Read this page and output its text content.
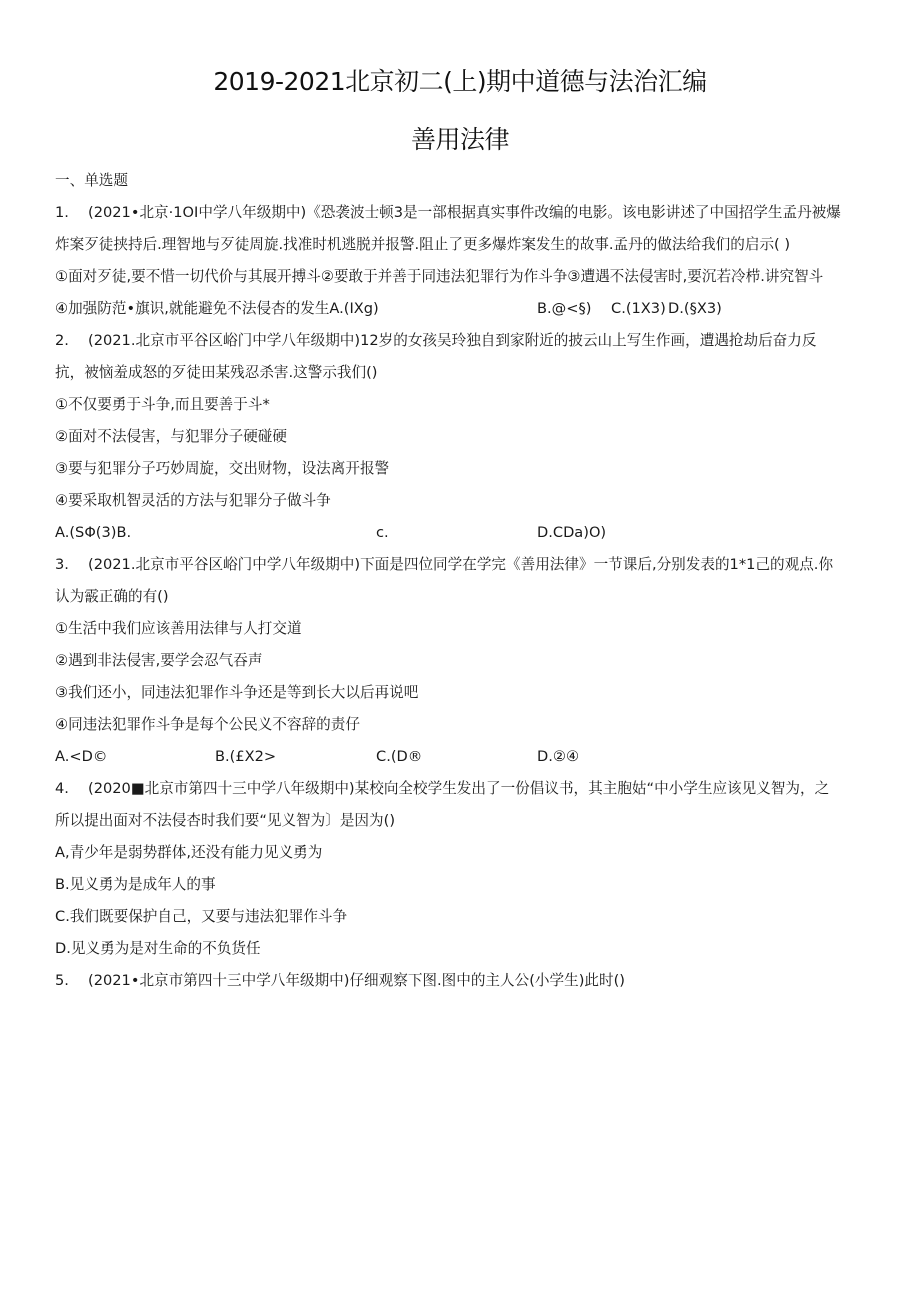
2019-2021北京初二(上)期中道德与法治汇编
善用法律
一、单选题
1. (2021•北京·1OI中学八年级期中)《恐袭波士顿3是一部根据真实事件改编的电影。该电影讲述了中国招学生孟丹被爆
炸案歹徒挟持后.理智地与歹徒周旋.找准时机逃脱并报警.阻止了更多爆炸案发生的故事.孟丹的做法给我们的启示( )
①面对歹徒,要不惜一切代价与其展开搏斗②要敢于并善于同违法犯罪行为作斗争③遭遇不法侵害时,要沉若冷栉.讲究智斗
④加强防范•旗识,就能避免不法侵杏的发生A.(IXg)	B.@<§) C.(1X3) D.(§X3)
2. (2021.北京市平谷区峪门中学八年级期中)12岁的女孩吴玲独自到家附近的披云山上写生作画，遭遇抢劫后奋力反
抗，被恼羞成怒的歹徒田某残忍杀害.这警示我们()
①不仅要勇于斗争,而且要善于斗*
②面对不法侵害，与犯罪分子硬碰硬
③要与犯罪分子巧妙周旋，交出财物，设法离开报警
④要采取机智灵活的方法与犯罪分子做斗争
A.(SΦ(3)B.	c.	D.CDa)O)
3. (2021.北京市平谷区峪门中学八年级期中)下面是四位同学在学完《善用法律》一节课后,分别发表的1*1己的观点.你
认为霰正确的有()
①生活中我们应该善用法律与人打交道
②遇到非法侵害,要学会忍气吞声
③我们还小，同违法犯罪作斗争还是等到长大以后再说吧
④同违法犯罪作斗争是每个公民义不容辞的责仔
A.<D©	B.(£X2>	C.(D®	D.②④
4. (2020■北京市第四十三中学八年级期中)某校向全校学生发出了一份倡议书，其主胞姑“中小学生应该见义智为，之
所以提出面对不法侵杏时我们要“见义智为〕是因为()
A,青少年是弱势群体,还没有能力见义勇为
B.见义勇为是成年人的事
C.我们既要保护自己，又要与违法犯罪作斗争
D.见义勇为是对生命的不负货任
5. (2021•北京市第四十三中学八年级期中)仔细观察下图.图中的主人公(小学生)此时()
